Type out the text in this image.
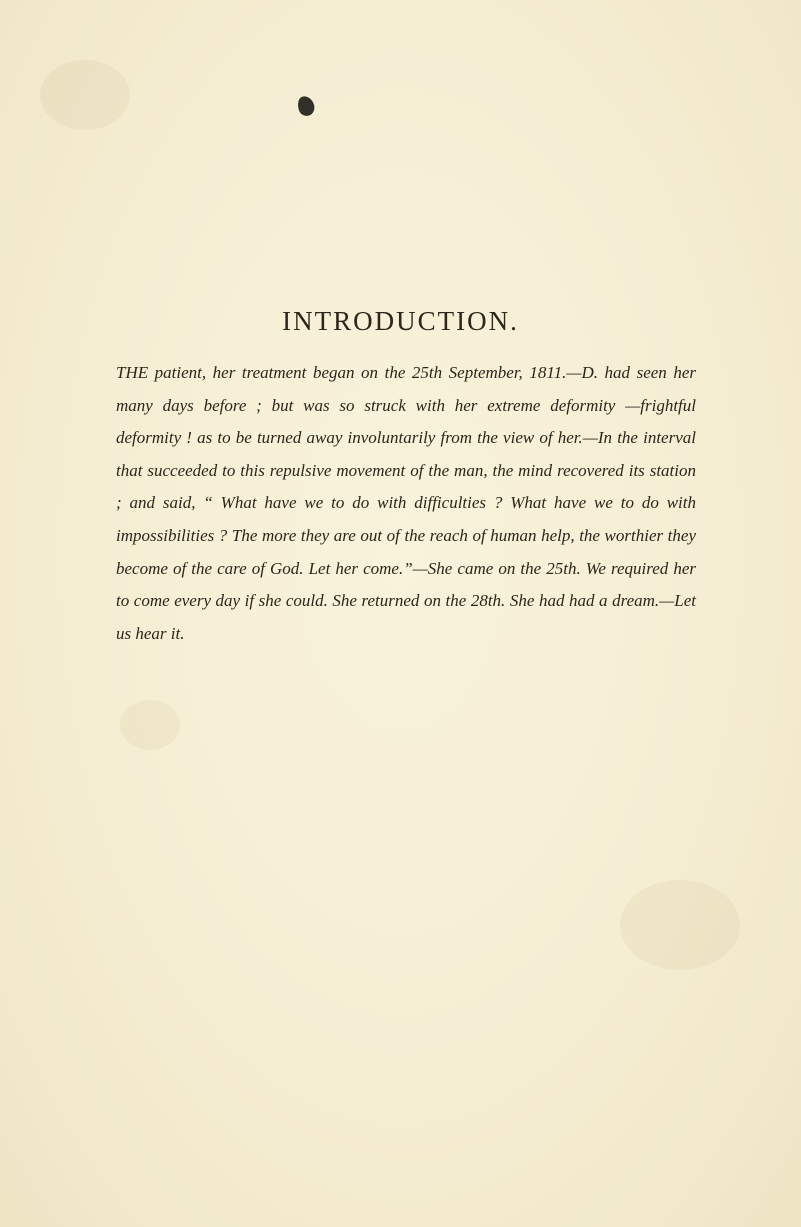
INTRODUCTION.

THE patient, her treatment began on the 25th September, 1811.—D. had seen her many days before ; but was so struck with her extreme deformity —frightful deformity ! as to be turned away involuntarily from the view of her.—In the interval that succeeded to this repulsive movement of the man, the mind recovered its station ; and said, “ What have we to do with difficulties ? What have we to do with impossibilities ? The more they are out of the reach of human help, the worthier they become of the care of God. Let her come.”—She came on the 25th. We required her to come every day if she could. She returned on the 28th. She had had a dream.—Let us hear it.
